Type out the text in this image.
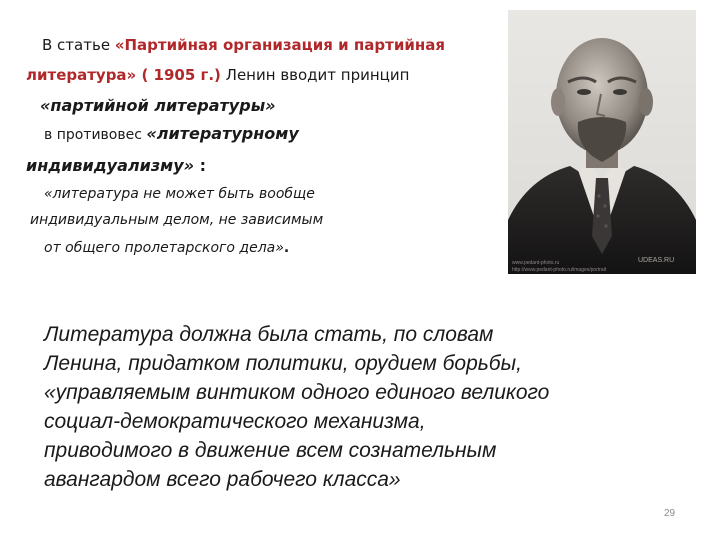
В статье «Партийная организация и партийная
литература» ( 1905 г.) Ленин вводит принцип
«партийной литературы»
в противовес «литературному
индивидуализму» :
«литература не может быть вообще
индивидуальным делом, не зависимым
от общего пролетарского дела».
UDEAS.RU
www.pedant-photo.ru
http://www.pedant-photo.ru/images/portrait
Литература должна была стать, по словам
Ленина, придатком политики, орудием борьбы,
«управляемым винтиком одного единого великого
социал-демократического механизма,
приводимого в движение всем сознательным
авангардом всего рабочего класса»
29
